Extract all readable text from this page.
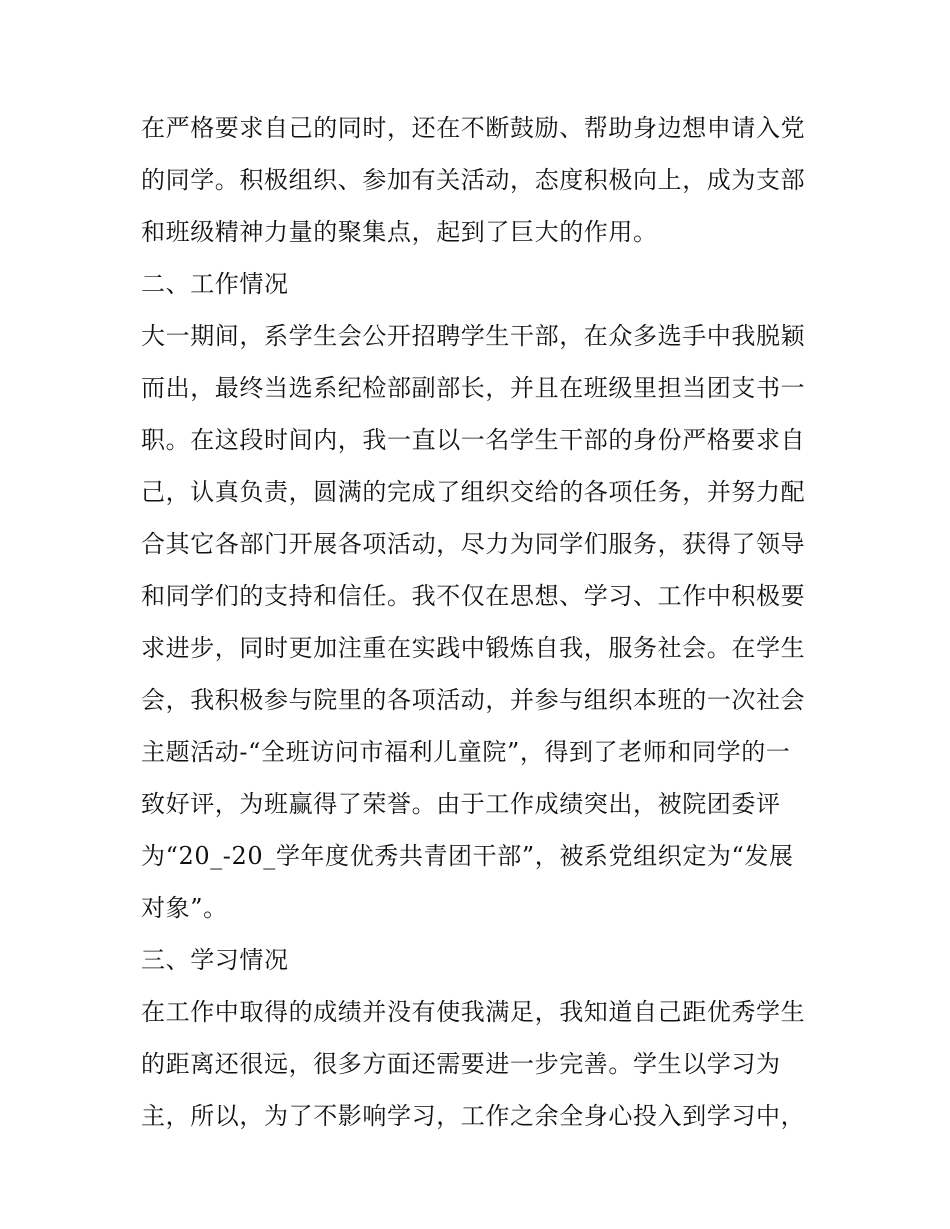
在严格要求自己的同时，还在不断鼓励、帮助身边想申请入党
的同学。积极组织、参加有关活动，态度积极向上，成为支部
和班级精神力量的聚集点，起到了巨大的作用。
二、工作情况
大一期间，系学生会公开招聘学生干部，在众多选手中我脱颖
而出，最终当选系纪检部副部长，并且在班级里担当团支书一
职。在这段时间内，我一直以一名学生干部的身份严格要求自
己，认真负责，圆满的完成了组织交给的各项任务，并努力配
合其它各部门开展各项活动，尽力为同学们服务，获得了领导
和同学们的支持和信任。我不仅在思想、学习、工作中积极要
求进步，同时更加注重在实践中锻炼自我，服务社会。在学生
会，我积极参与院里的各项活动，并参与组织本班的一次社会
主题活动-“全班访问市福利儿童院”，得到了老师和同学的一
致好评，为班赢得了荣誉。由于工作成绩突出，被院团委评
为“20_-20_学年度优秀共青团干部”，被系党组织定为“发展
对象”。
三、学习情况
在工作中取得的成绩并没有使我满足，我知道自己距优秀学生
的距离还很远，很多方面还需要进一步完善。学生以学习为
主，所以，为了不影响学习，工作之余全身心投入到学习中，
